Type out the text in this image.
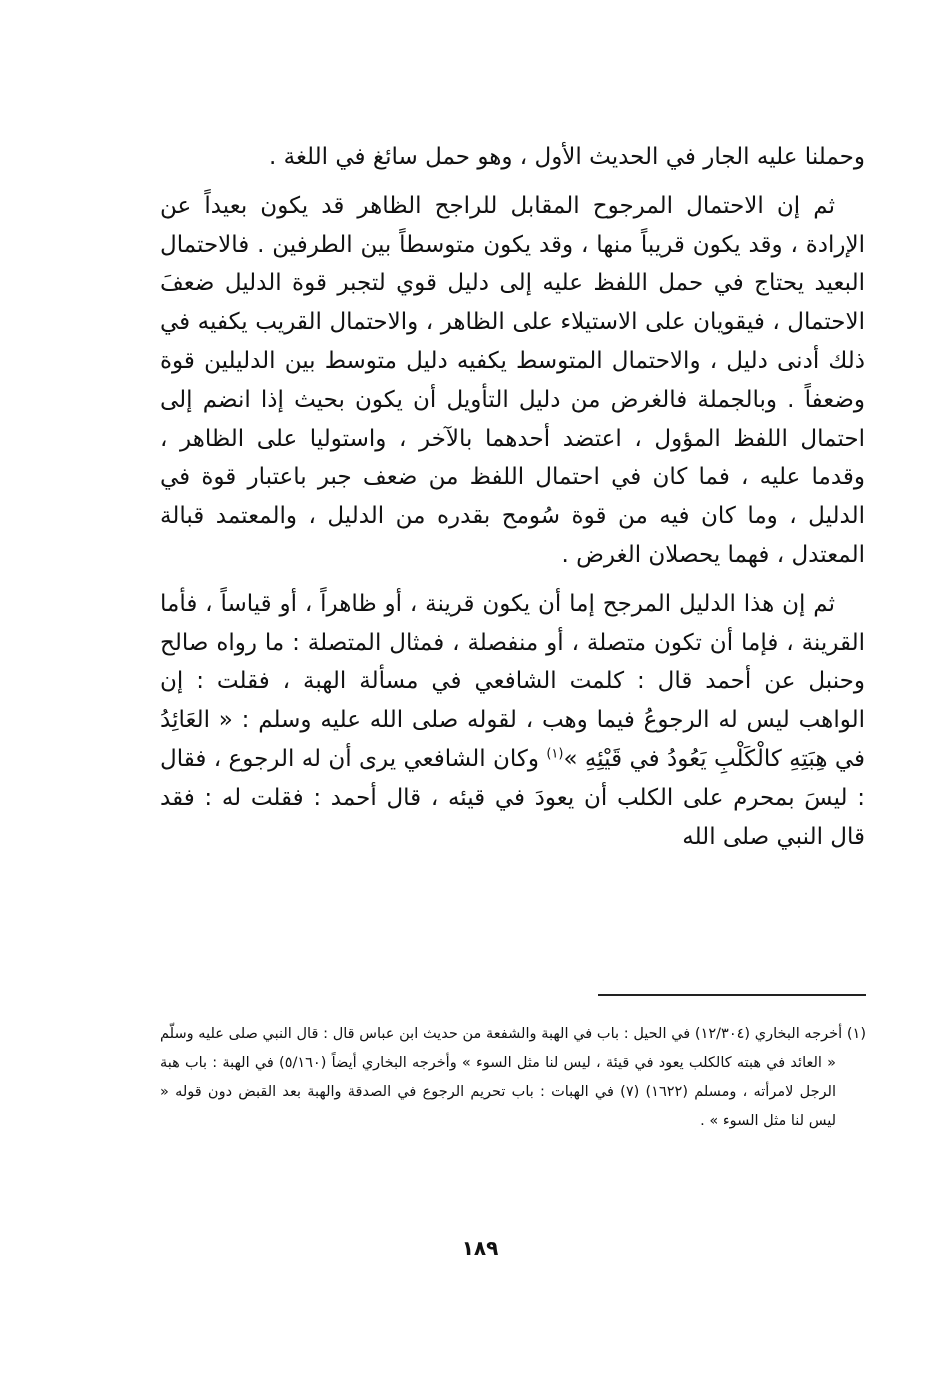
وحملنا عليه الجار في الحديث الأول ، وهو حمل سائغ في اللغة .

ثم إن الاحتمال المرجوح المقابل للراجح الظاهر قد يكون بعيداً عن الإرادة ، وقد يكون قريباً منها ، وقد يكون متوسطاً بين الطرفين . فالاحتمال البعيد يحتاج في حمل اللفظ عليه إلى دليل قوي لتجبر قوة الدليل ضعفَ الاحتمال ، فيقويان على الاستيلاء على الظاهر ، والاحتمال القريب يكفيه في ذلك أدنى دليل ، والاحتمال المتوسط يكفيه دليل متوسط بين الدليلين قوة وضعفاً . وبالجملة فالغرض من دليل التأويل أن يكون بحيث إذا انضم إلى احتمال اللفظ المؤول ، اعتضد أحدهما بالآخر ، واستوليا على الظاهر ، وقدما عليه ، فما كان في احتمال اللفظ من ضعف جبر باعتبار قوة في الدليل ، وما كان فيه من قوة سُومح بقدره من الدليل ، والمعتمد قبالة المعتدل ، فهما يحصلان الغرض .

ثم إن هذا الدليل المرجح إما أن يكون قرينة ، أو ظاهراً ، أو قياساً ، فأما القرينة ، فإما أن تكون متصلة ، أو منفصلة ، فمثال المتصلة : ما رواه صالح وحنبل عن أحمد قال : كلمت الشافعي في مسألة الهبة ، فقلت : إن الواهب ليس له الرجوعُ فيما وهب ، لقوله صلى الله عليه وسلم : « العَائِدُ في هِبَتِهِ كالْكَلْبِ يَعُودُ في قَيْئِهِ »$^{(١)}$ وكان الشافعي يرى أن له الرجوع ، فقال : ليسَ بمحرم على الكلب أن يعودَ في قيئه ، قال أحمد : فقلت له : فقد قال النبي صلى الله

(١) أخرجه البخاري (١٢/٣٠٤) في الحيل : باب في الهبة والشفعة من حديث ابن عباس قال : قال النبي صلى عليه وسلّم « العائد في هبته كالكلب يعود في قيئة ، ليس لنا مثل السوء » وأخرجه البخاري أيضاً (٥/١٦٠) في الهبة : باب هبة الرجل لامرأته ، ومسلم (١٦٢٢) (٧) في الهبات : باب تحريم الرجوع في الصدقة والهبة بعد القبض دون قوله « ليس لنا مثل السوء » .

١٨٩
